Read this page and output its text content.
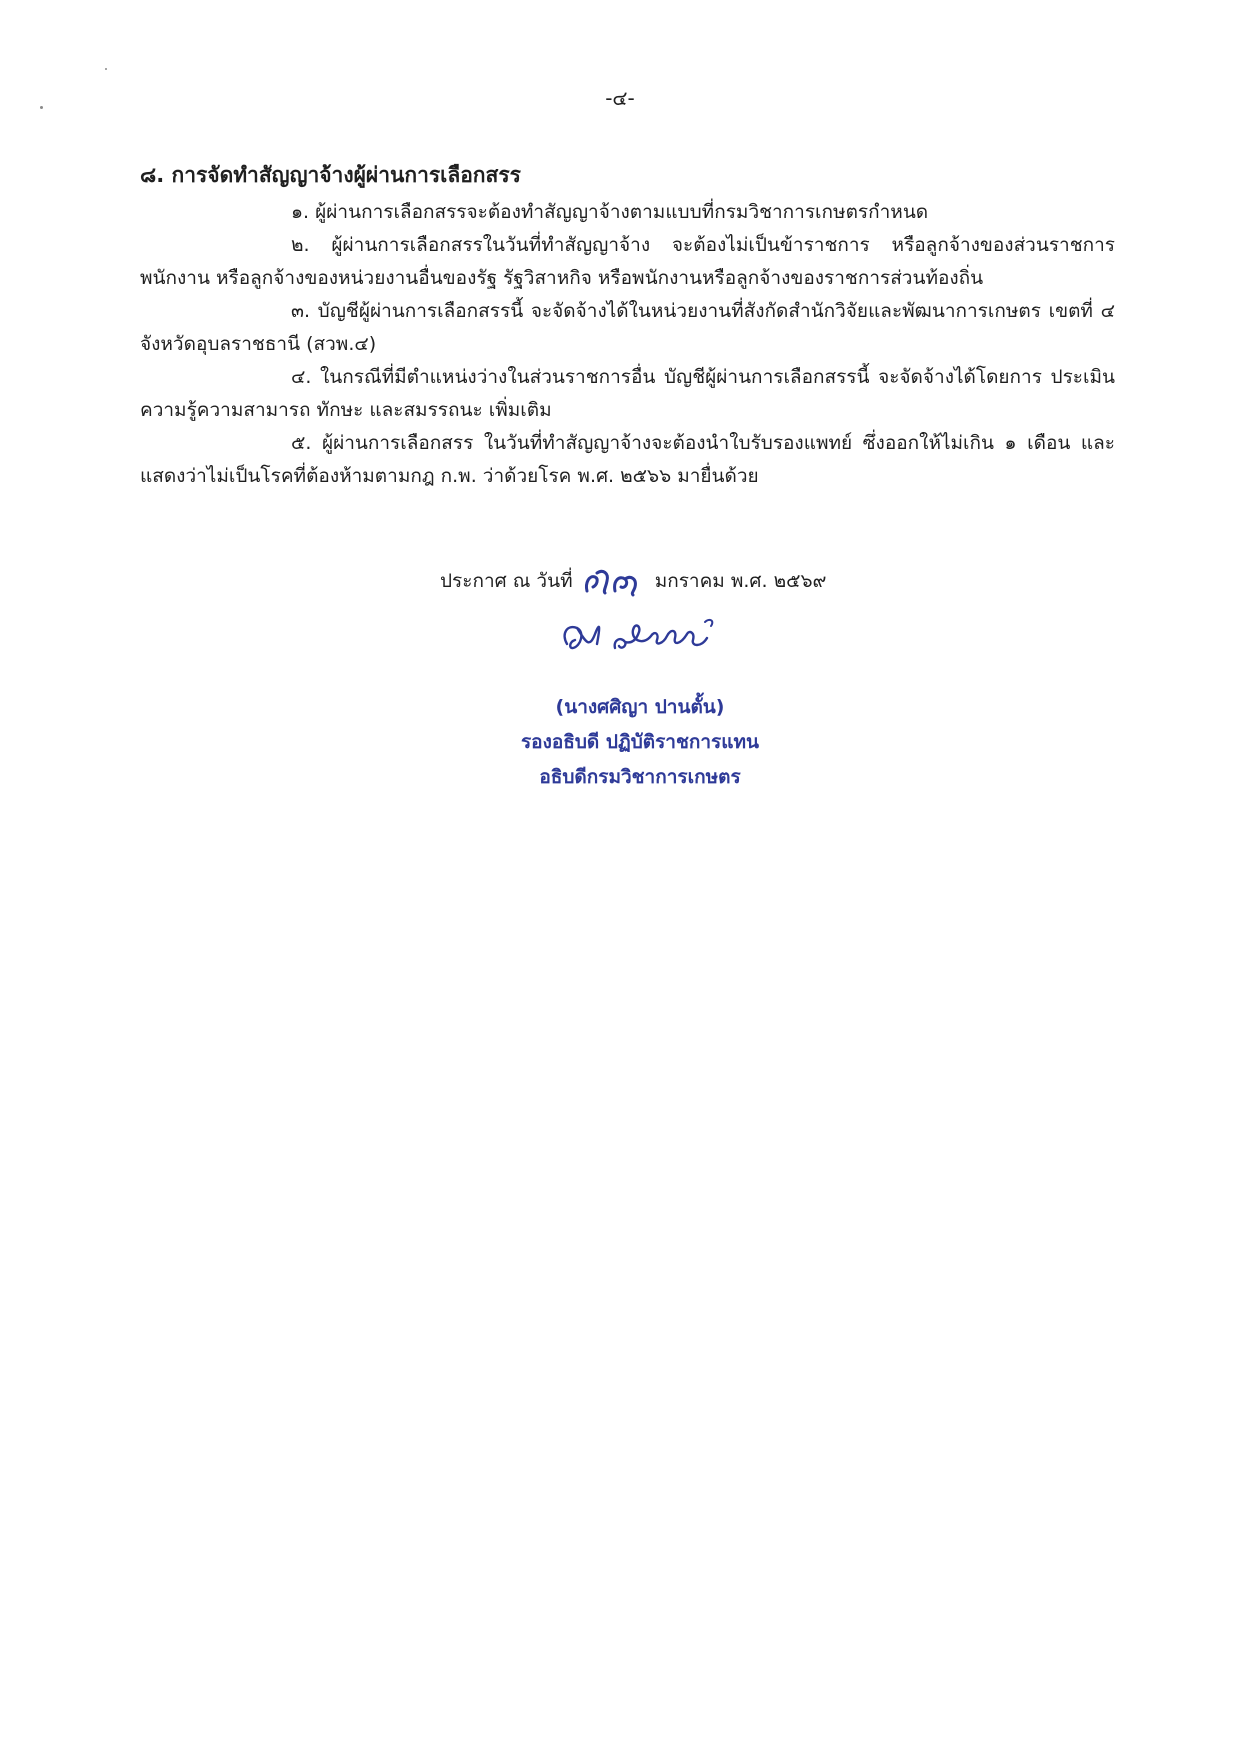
-๔-
๘. การจัดทำสัญญาจ้างผู้ผ่านการเลือกสรร

๑. ผู้ผ่านการเลือกสรรจะต้องทำสัญญาจ้างตามแบบที่กรมวิชาการเกษตรกำหนด

๒. ผู้ผ่านการเลือกสรรในวันที่ทำสัญญาจ้าง จะต้องไม่เป็นข้าราชการ หรือลูกจ้างของส่วนราชการ พนักงาน หรือลูกจ้างของหน่วยงานอื่นของรัฐ รัฐวิสาหกิจ หรือพนักงานหรือลูกจ้างของราชการส่วนท้องถิ่น

๓. บัญชีผู้ผ่านการเลือกสรรนี้ จะจัดจ้างได้ในหน่วยงานที่สังกัดสำนักวิจัยและพัฒนาการเกษตร เขตที่ ๔ จังหวัดอุบลราชธานี (สวพ.๔)

๔. ในกรณีที่มีตำแหน่งว่างในส่วนราชการอื่น บัญชีผู้ผ่านการเลือกสรรนี้ จะจัดจ้างได้โดยการ ประเมินความรู้ความสามารถ ทักษะ และสมรรถนะ เพิ่มเติม

๕. ผู้ผ่านการเลือกสรร ในวันที่ทำสัญญาจ้างจะต้องนำใบรับรองแพทย์ ซึ่งออกให้ไม่เกิน ๑ เดือน และแสดงว่าไม่เป็นโรคที่ต้องห้ามตามกฎ ก.พ. ว่าด้วยโรค พ.ศ. ๒๕๖๖ มายื่นด้วย

ประกาศ ณ วันที่	มกราคม พ.ศ. ๒๕๖๙
(นางศศิญา ปานตั้น)
รองอธิบดี ปฏิบัติราชการแทน
อธิบดีกรมวิชาการเกษตร
